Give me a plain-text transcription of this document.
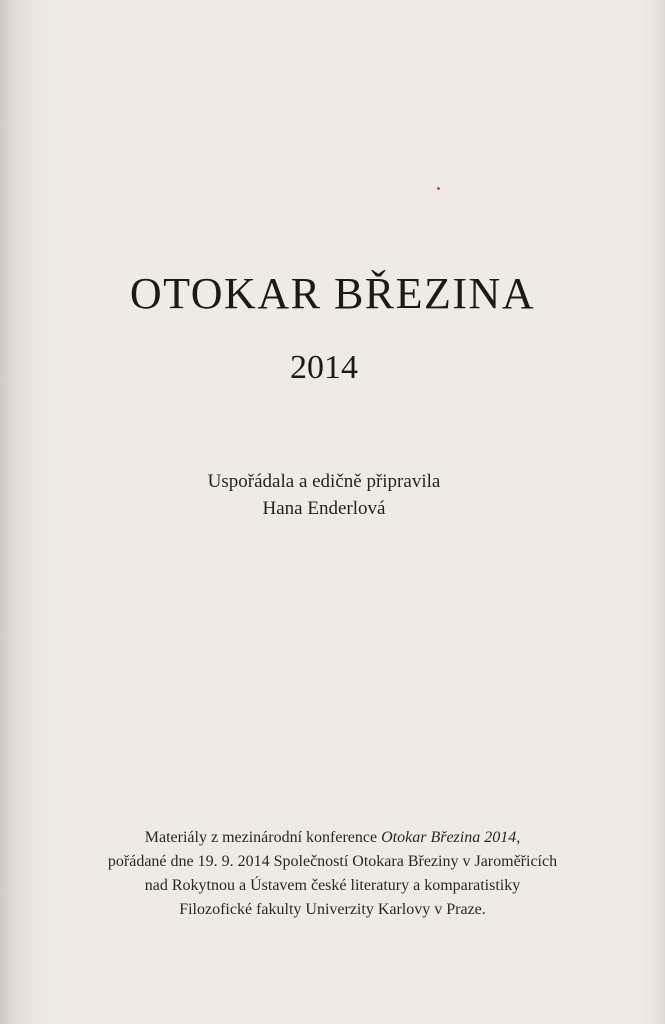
OTOKAR BŘEZINA
2014
Uspořádala a edičně připravila
Hana Enderlová
Materiály z mezinárodní konference Otokar Březina 2014,
pořádané dne 19. 9. 2014 Společností Otokara Březiny v Jaroměřicích
nad Rokytnou a Ústavem české literatury a komparatistiky
Filozofické fakulty Univerzity Karlovy v Praze.
